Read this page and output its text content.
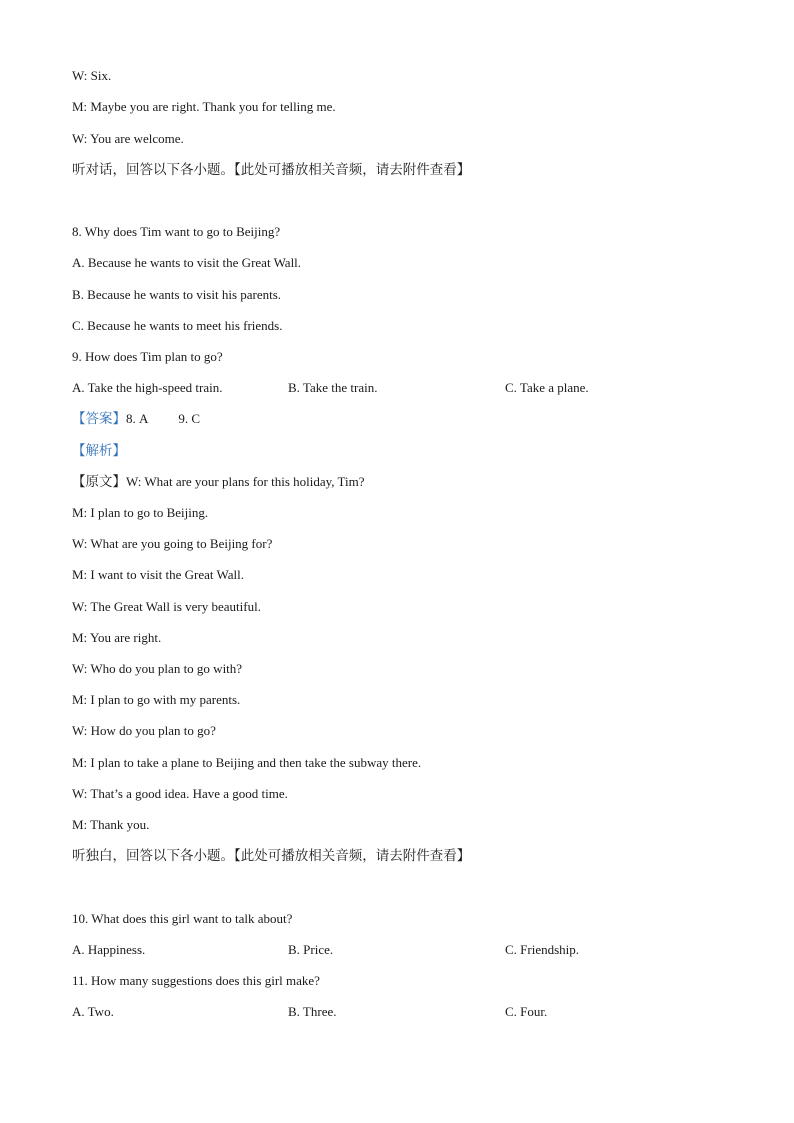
W: Six.
M: Maybe you are right. Thank you for telling me.
W: You are welcome.
听对话，回答以下各小题。【此处可播放相关音频，请去附件查看】
8. Why does Tim want to go to Beijing?
A. Because he wants to visit the Great Wall.
B. Because he wants to visit his parents.
C. Because he wants to meet his friends.
9. How does Tim plan to go?
A. Take the high-speed train.	B. Take the train.	C. Take a plane.
【答案】8. A 9. C
【解析】
【原文】W: What are your plans for this holiday, Tim?
M: I plan to go to Beijing.
W: What are you going to Beijing for?
M: I want to visit the Great Wall.
W: The Great Wall is very beautiful.
M: You are right.
W: Who do you plan to go with?
M: I plan to go with my parents.
W: How do you plan to go?
M: I plan to take a plane to Beijing and then take the subway there.
W: That’s a good idea. Have a good time.
M: Thank you.
听独白，回答以下各小题。【此处可播放相关音频，请去附件查看】
10. What does this girl want to talk about?
A. Happiness.	B. Price.	C. Friendship.
11. How many suggestions does this girl make?
A. Two.	B. Three.	C. Four.
